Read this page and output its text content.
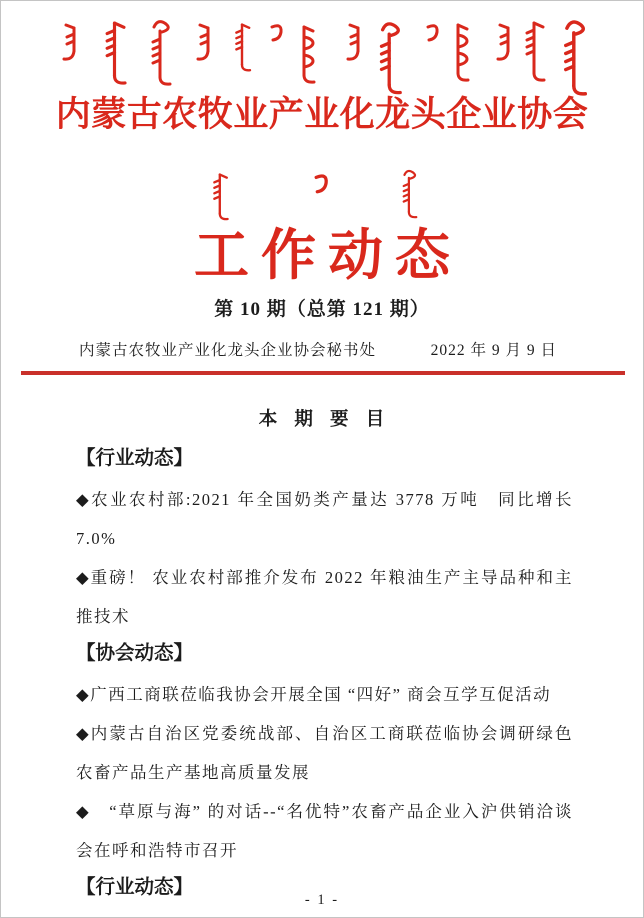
内蒙古农牧业产业化龙头企业协会
工作动态
第 10 期（总第 121 期）
内蒙古农牧业产业化龙头企业协会秘书处	2022 年 9 月 9 日

本 期 要 目

【行业动态】

◆农业农村部:2021 年全国奶类产量达 3778 万吨　同比增长 7.0%

◆重磅！ 农业农村部推介发布 2022 年粮油生产主导品种和主推技术

【协会动态】

◆广西工商联莅临我协会开展全国 “四好” 商会互学互促活动

◆内蒙古自治区党委统战部、自治区工商联莅临协会调研绿色农畜产品生产基地高质量发展

◆　“草原与海” 的对话--“名优特”农畜产品企业入沪供销洽谈会在呼和浩特市召开

【行业动态】

- 1 -
